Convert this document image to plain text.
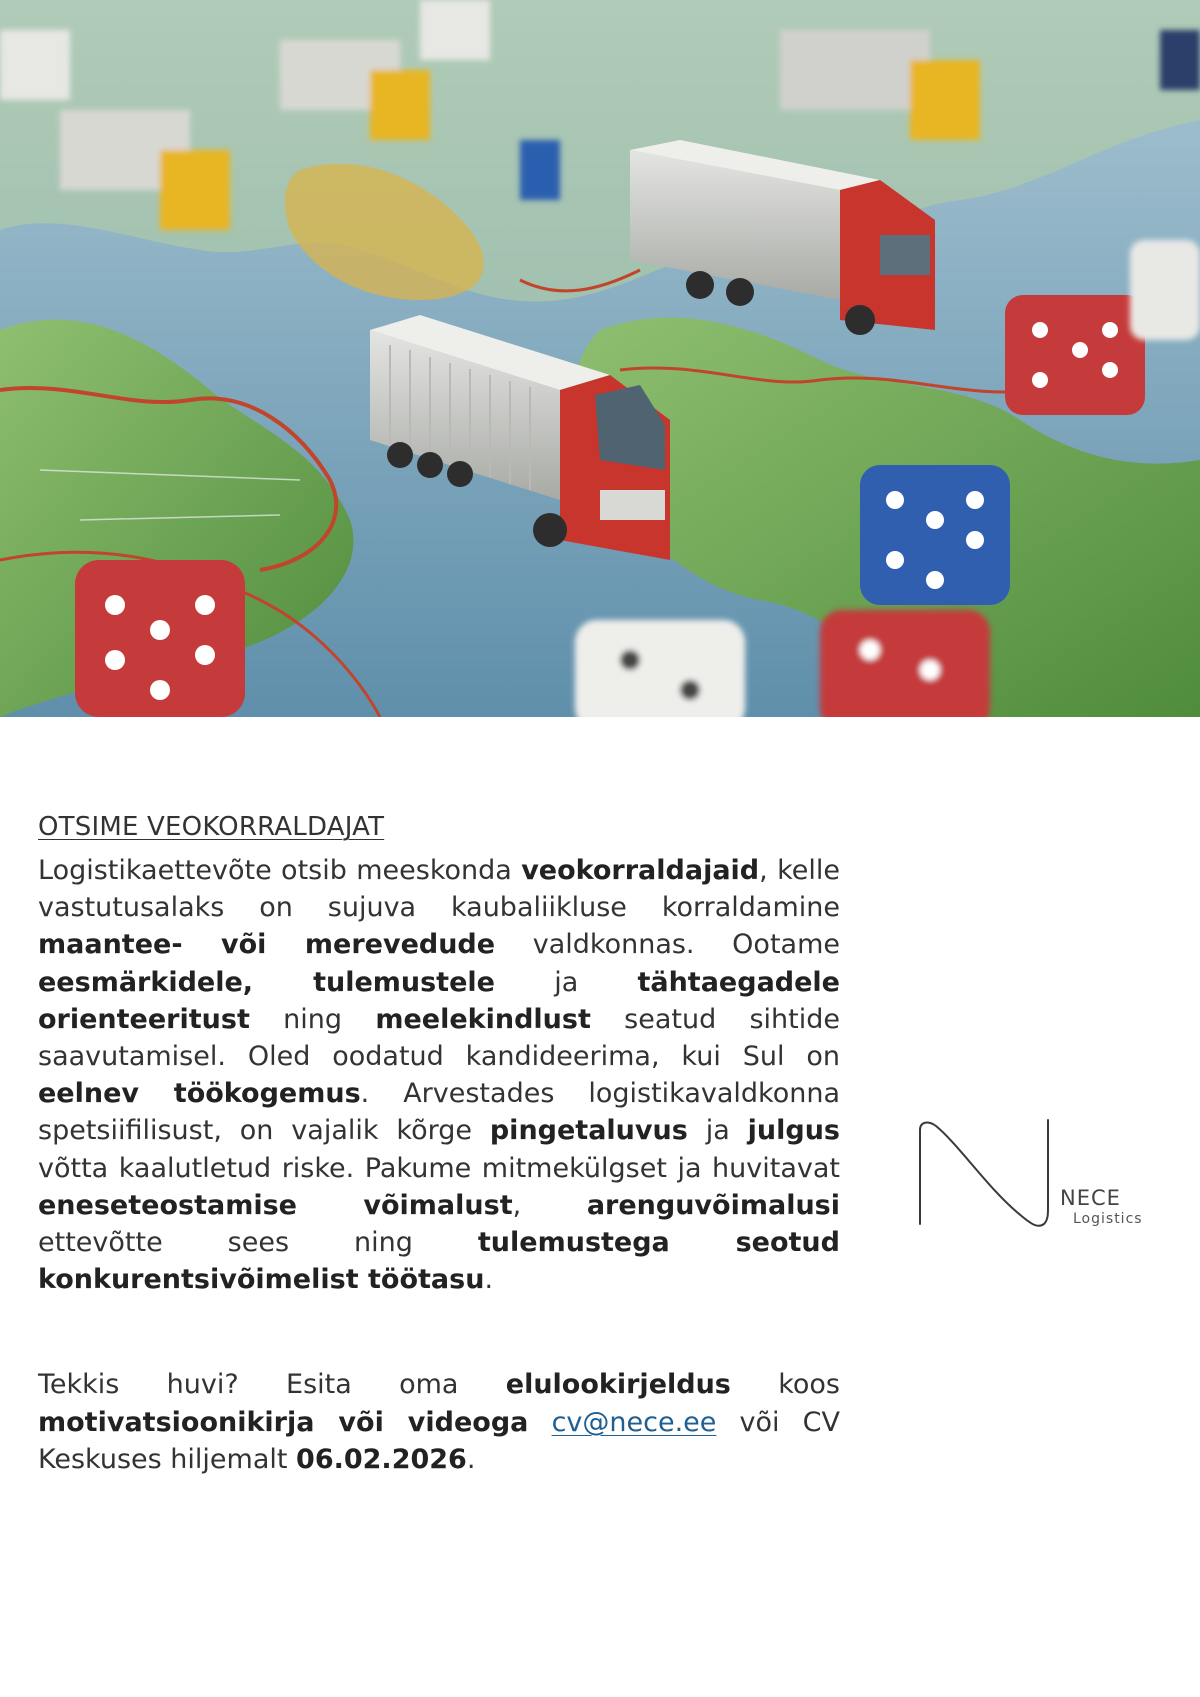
OTSIME VEOKORRALDAJAT

Logistikaettevõte otsib meeskonda veokorraldajaid, kelle vastutusalaks on sujuva kaubaliikluse korraldamine maantee- või merevedude valdkonnas. Ootame eesmärkidele, tulemustele ja tähtaegadele orienteeritust ning meelekindlust seatud sihtide saavutamisel. Oled oodatud kandideerima, kui Sul on eelnev töökogemus. Arvestades logistikavaldkonna spetsiifilisust, on vajalik kõrge pingetaluvus ja julgus võtta kaalutletud riske. Pakume mitmekülgset ja huvitavat eneseteostamise võimalust, arenguvõimalusi ettevõtte sees ning tulemustega seotud konkurentsivõimelist töötasu.

Tekkis huvi? Esita oma elulookirjeldus koos motivatsioonikirja või videoga cv@nece.ee või CV Keskuses hiljemalt 06.02.2026.

NECE
Logistics
